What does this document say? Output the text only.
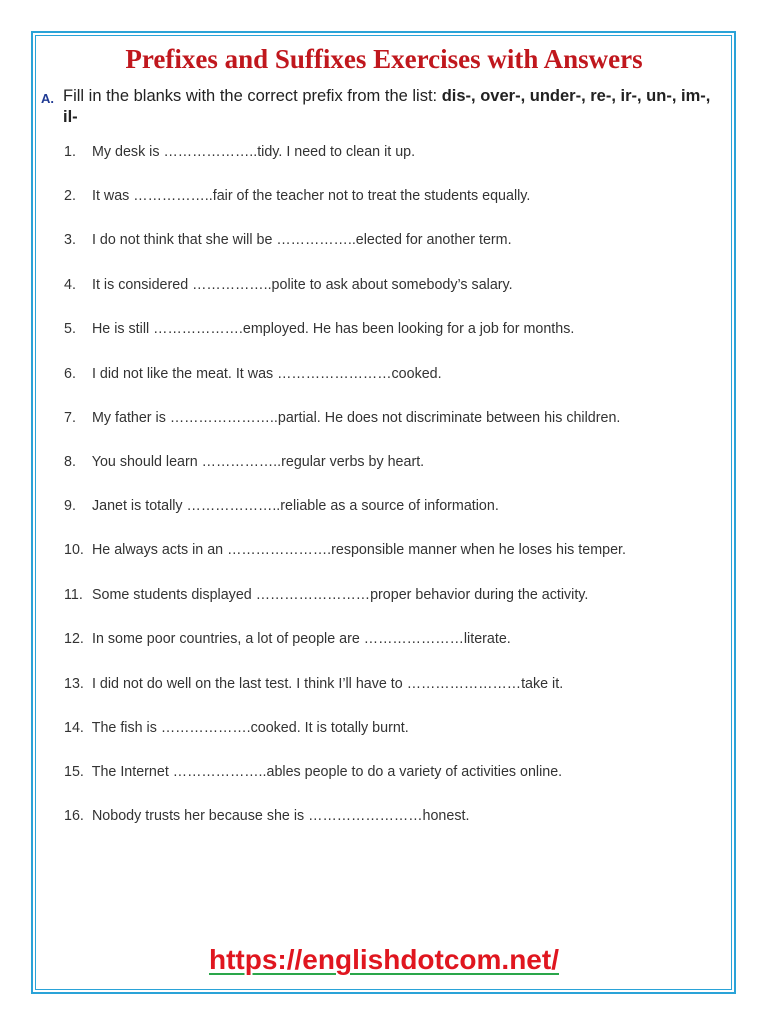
Prefixes and Suffixes Exercises with Answers
A. Fill in the blanks with the correct prefix from the list: dis-, over-, under-, re-, ir-, un-, im-, il-
1. My desk is ………………..tidy. I need to clean it up.
2. It was ……………..fair of the teacher not to treat the students equally.
3. I do not think that she will be ……………..elected for another term.
4. It is considered ……………..polite to ask about somebody’s salary.
5. He is still ……………….employed. He has been looking for a job for months.
6. I did not like the meat. It was ……………………cooked.
7. My father is …………………..partial. He does not discriminate between his children.
8. You should learn ……………..regular verbs by heart.
9. Janet is totally ………………..reliable as a source of information.
10. He always acts in an ………………….responsible manner when he loses his temper.
11. Some students displayed ……………………proper behavior during the activity.
12. In some poor countries, a lot of people are …………………literate.
13. I did not do well on the last test. I think I’ll have to ……………………take it.
14. The fish is ……………….cooked. It is totally burnt.
15. The Internet ………………..ables people to do a variety of activities online.
16. Nobody trusts her because she is ……………………honest.
https://englishdotcom.net/
